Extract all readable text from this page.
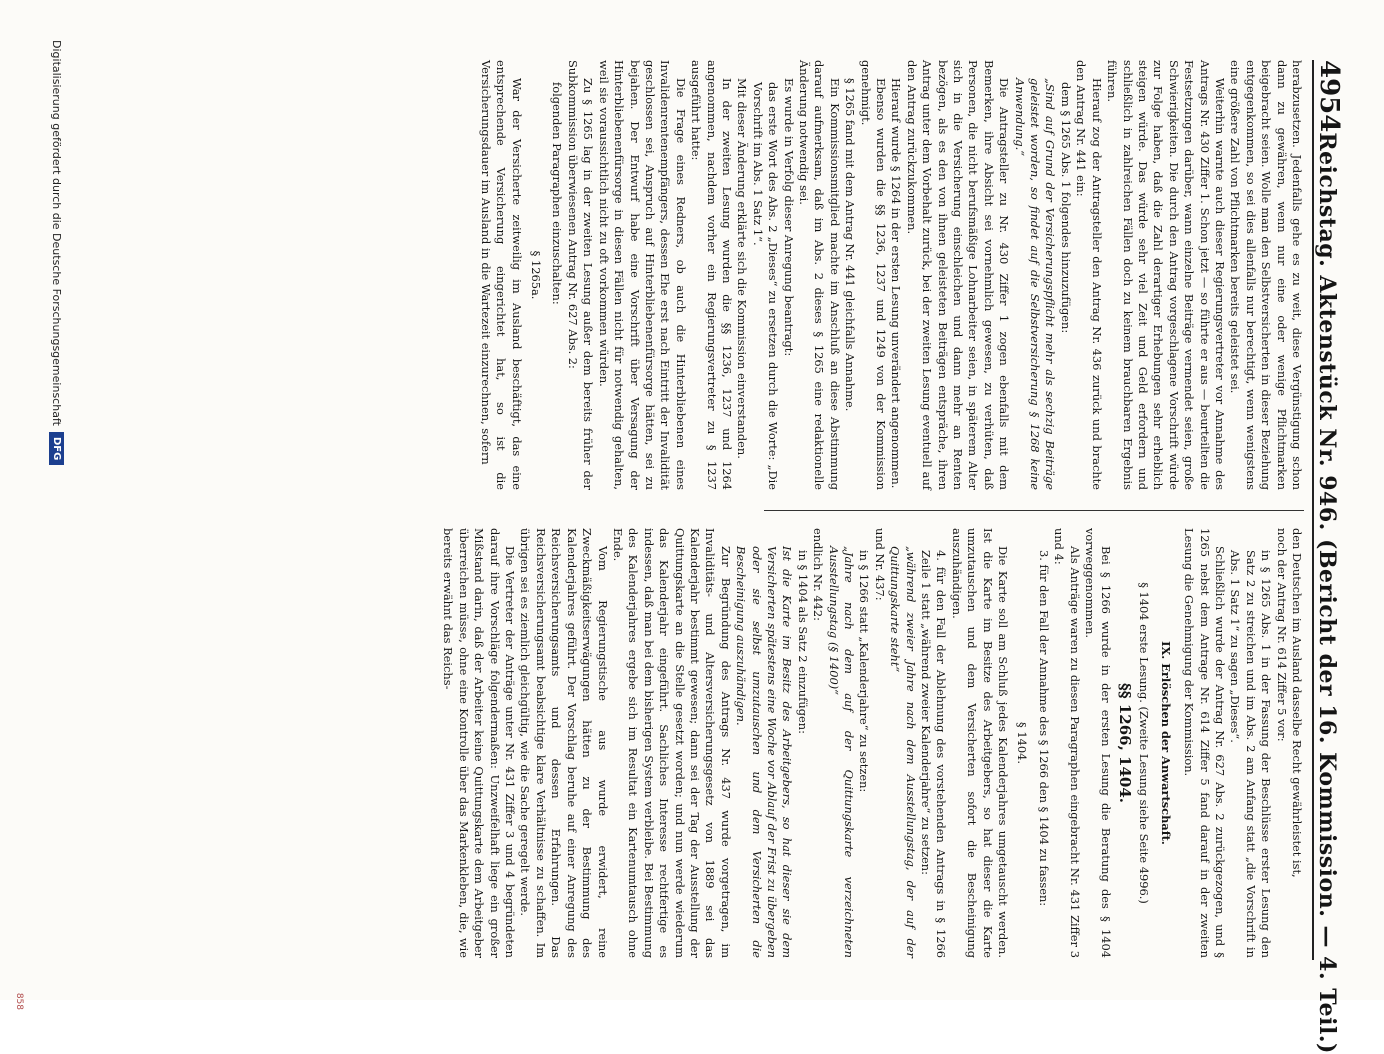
4954
Reichstag. Aktenstück Nr. 946. (Bericht der 16. Kommission. — 4. Teil.)

herabzusetzen. Jedenfalls gehe es zu weit, diese Vergünstigung schon dann zu gewähren, wenn nur eine oder wenige Pflichtmarken beigebracht seien. Wolle man den Selbstversicherten in dieser Beziehung entgegenkommen, so sei dies allenfalls nur berechtigt, wenn wenigstens eine größere Zahl von Pflichtmarken bereits geleistet sei.

Weiterhin warnte auch dieser Regierungsvertreter vor Annahme des Antrags Nr. 430 Ziffer 1. Schon jetzt — so führte er aus — beurteilten die Festsetzungen darüber, wann einzelne Beiträge vermendet seien, große Schwierigkeiten. Die durch den Antrag vorgeschlagene Vorschrift würde zur Folge haben, daß die Zahl derartiger Erhebungen sehr erheblich steigen würde. Das würde sehr viel Zeit und Geld erfordern und schließlich in zahlreichen Fällen doch zu keinem brauchbaren Ergebnis führen.

Hierauf zog der Antragsteller den Antrag Nr. 436 zurück und brachte den Antrag Nr. 441 ein:

dem § 1265 Abs. 1 folgendes hinzuzufügen:

„Sind auf Grund der Versicherungspflicht mehr als sechzig Beiträge geleistet worden, so findet auf die Selbstversicherung § 1268 keine Anwendung.“

Die Antragsteller zu Nr. 430 Ziffer 1 zogen ebenfalls mit dem Bemerken, ihre Absicht sei vornehmlich gewesen, zu verhüten, daß Personen, die nicht berufsmäßige Lohnarbeiter seien, in späterem Alter sich in die Versicherung einschleichen und dann mehr an Renten bezögen, als es den von ihnen geleisteten Beiträgen entspräche, ihren Antrag unter dem Vorbehalt zurück, bei der zweiten Lesung eventuell auf den Antrag zurückzukommen.

Hierauf wurde § 1264 in der ersten Lesung unverändert angenommen.

Ebenso wurden die §§ 1236, 1237 und 1249 von der Kommission genehmigt.

§ 1265 fand mit dem Antrag Nr. 441 gleichfalls Annahme.

Ein Kommissionsmitglied machte im Anschluß an diese Abstimmung darauf aufmerksam, daß im Abs. 2 dieses § 1265 eine redaktionelle Änderung notwendig sei.

Es wurde in Verfolg dieser Anregung beantragt:

das erste Wort des Abs. 2 „Dieses“ zu ersetzen durch die Worte: „Die Vorschrift im Abs. 1 Satz 1“.

Mit dieser Änderung erklärte sich die Kommission einverstanden.

In der zweiten Lesung wurden die §§ 1236, 1237 und 1264 angenommen, nachdem vorher ein Regierungsvertreter zu § 1237 ausgeführt hatte:

Die Frage eines Redners, ob auch die Hinterbliebenen eines Invalidenrentenempfängers, dessen Ehe erst nach Eintritt der Invalidität geschlossen sei, Anspruch auf Hinterbliebenenfürsorge hätten, sei zu bejahen. Der Entwurf habe eine Vorschrift über Versagung der Hinterbliebenenfürsorge in diesen Fällen nicht für notwendig gehalten, weil sie voraussichtlich nicht zu oft vorkommen würden.

Zu § 1265 lag in der zweiten Lesung außer dem bereits früher der Subkommission überwiesenen Antrag Nr. 627 Abs. 2:

folgenden Paragraphen einzuschalten:

§ 1265a.

War der Versicherte zeitweilig im Ausland beschäftigt, das eine entsprechende Versicherung eingerichtet hat, so ist die Versicherungsdauer im Ausland in die Wartezeit einzurechnen, sofern

den Deutschen im Ausland dasselbe Recht gewährleistet ist,

noch der Antrag Nr. 614 Ziffer 5 vor:

in § 1265 Abs. 1 in der Fassung der Beschlüsse erster Lesung den Satz 2 zu streichen und im Abs. 2 am Anfang statt „die Vorschrift in Abs. 1 Satz 1“ zu sagen „Dieses“.

Schließlich wurde der Antrag Nr. 627 Abs. 2 zurückgezogen, und § 1265 nebst dem Antrage Nr. 614 Ziffer 5 fand darauf in der zweiten Lesung die Genehmigung der Kommission.

IX. Erlöschen der Anwartschaft.

§ 1404 erste Lesung. (Zweite Lesung siehe Seite 4996.)

§§ 1266, 1404.

Bei § 1266 wurde in der ersten Lesung die Beratung des § 1404 vorweggenommen.

Als Anträge waren zu diesen Paragraphen eingebracht Nr. 431 Ziffer 3 und 4:

3. für den Fall der Annahme des § 1266 den § 1404 zu fassen:

§ 1404.

Die Karte soll am Schluß jedes Kalenderjahres umgetauscht werden. Ist die Karte im Besitze des Arbeitgebers, so hat dieser die Karte umzutauschen und dem Versicherten sofort die Bescheinigung auszuhändigen.

4. für den Fall der Ablehnung des vorstehenden Antrags in § 1266 Zeile 1 statt „während zweier Kalenderjahre“ zu setzen:

„während zweier Jahre nach dem Ausstellungstag, der auf der Quittungskarte steht“

und Nr. 437:

in § 1266 statt „Kalenderjahre“ zu setzen:

„Jahre nach dem auf der Quittungskarte verzeichneten Ausstellungstag (§ 1400)“

endlich Nr. 442:

in § 1404 als Satz 2 einzufügen:

Ist die Karte im Besitz des Arbeitgebers, so hat dieser sie dem Versicherten spätestens eine Woche vor Ablauf der Frist zu übergeben oder sie selbst umzutauschen und dem Versicherten die Bescheinigung auszuhändigen.

Zur Begründung des Antrags Nr. 437 wurde vorgetragen, im Invaliditäts- und Altersversicherungsgesetz von 1889 sei das Kalenderjahr bestimmt gewesen; dann sei der Tag der Ausstellung der Quittungskarte an die Stelle gesetzt worden; und nun werde wiederum das Kalenderjahr eingeführt. Sachliches Interesse rechtfertige es indessen, daß man bei dem bisherigen System verbleibe. Bei Bestimmung des Kalenderjahres ergebe sich im Resultat ein Kartenumtausch ohne Ende.

Vom Regierungstische aus wurde erwidert, reine Zweckmäßigkeitserwägungen hätten zu der Bestimmung des Kalenderjahres geführt. Der Vorschlag beruhe auf einer Anregung des Reichsversicherungsamts und dessen Erfahrungen. Das Reichsversicherungsamt beabsichtige klare Verhältnisse zu schaffen. Im übrigen sei es ziemlich gleichgültig, wie die Sache geregelt werde.

Die Vertreter der Anträge unter Nr. 431 Ziffer 3 und 4 begründeten darauf ihre Vorschläge folgendermaßen: Unzweifelhaft liege ein großer Mißstand darin, daß der Arbeiter keine Quittungskarte dem Arbeitgeber überreichen müsse, ohne eine Kontrolle über das Markenkleben, die, wie bereits erwähnt das Reichs-

Digitalisierung gefördert durch die Deutsche Forschungsgemeinschaft
DFG
858
